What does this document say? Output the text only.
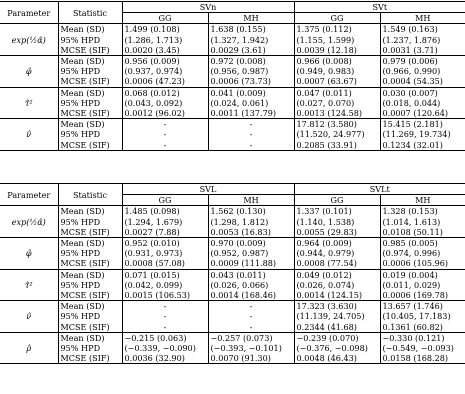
Parameter	Statistic	SVn		SVt	
		GG	MH	GG	MH
exp(½α̂)	Mean (SD)	1.499 (0.108)	1.638 (0.155)	1.375 (0.112)	1.549 (0.163)
	95% HPD	(1.286, 1.713)	(1.327, 1.942)	(1.155, 1.599)	(1.237, 1.876)
	MCSE (SIF)	0.0020 (3.45)	0.0029 (3.61)	0.0039 (12.18)	0.0031 (3.71)
φ̂	Mean (SD)	0.956 (0.009)	0.972 (0.008)	0.966 (0.008)	0.979 (0.006)
	95% HPD	(0.937, 0.974)	(0.956, 0.987)	(0.949, 0.983)	(0.966, 0.990)
	MCSE (SIF)	0.0006 (47.23)	0.0006 (73.73)	0.0007 (63.67)	0.0004 (54.35)
τ̂²	Mean (SD)	0.068 (0.012)	0.041 (0.009)	0.047 (0.011)	0.030 (0.007)
	95% HPD	(0.043, 0.092)	(0.024, 0.061)	(0.027, 0.070)	(0.018, 0.044)
	MCSE (SIF)	0.0012 (96.02)	0.0011 (137.79)	0.0013 (124.58)	0.0007 (120.64)
ν̂	Mean (SD)	-	-	17.812 (3.580)	15.415 (2.181)
	95% HPD	-	-	(11.520, 24.977)	(11.269, 19.734)
	MCSE (SIF)	-	-	0.2085 (33.91)	0.1234 (32.01)
Parameter	Statistic	SVL		SVLt	
		GG	MH	GG	MH
exp(½α̂)	Mean (SD)	1.485 (0.098)	1.562 (0.130)	1.337 (0.101)	1.328 (0.153)
	95% HPD	(1.294, 1.679)	(1.298, 1.812)	(1.140, 1.538)	(1.014, 1.613)
	MCSE (SIF)	0.0027 (7.88)	0.0053 (16.83)	0.0055 (29.83)	0.0108 (50.11)
φ̂	Mean (SD)	0.952 (0.010)	0.970 (0.009)	0.964 (0.009)	0.985 (0.005)
	95% HPD	(0.931, 0.973)	(0.952, 0.987)	(0.944, 0.979)	(0.974, 0.996)
	MCSE (SIF)	0.0008 (57.08)	0.0009 (111.88)	0.0008 (77.54)	0.0006 (105.96)
τ̂²	Mean (SD)	0.071 (0.015)	0.043 (0.011)	0.049 (0.012)	0.019 (0.004)
	95% HPD	(0.042, 0.099)	(0.026, 0.066)	(0.026, 0.074)	(0.011, 0.029)
	MCSE (SIF)	0.0015 (106.53)	0.0014 (168.46)	0.0014 (124.15)	0.0006 (169.78)
ν̂	Mean (SD)	-	-	17.323 (3.630)	13.657 (1.746)
	95% HPD	-	-	(11.139, 24.705)	(10.405, 17.183)
	MCSE (SIF)	-	-	0.2344 (41.68)	0.1361 (60.82)
ρ̂	Mean (SD)	−0.215 (0.063)	−0.257 (0.073)	−0.239 (0.070)	−0.330 (0.121)
	95% HPD	(−0.339, −0.090)	(−0.393, −0.101)	(−0.376, −0.098)	(−0.549, −0.093)
	MCSE (SIF)	0.0036 (32.90)	0.0070 (91.30)	0.0048 (46.43)	0.0158 (168.28)
